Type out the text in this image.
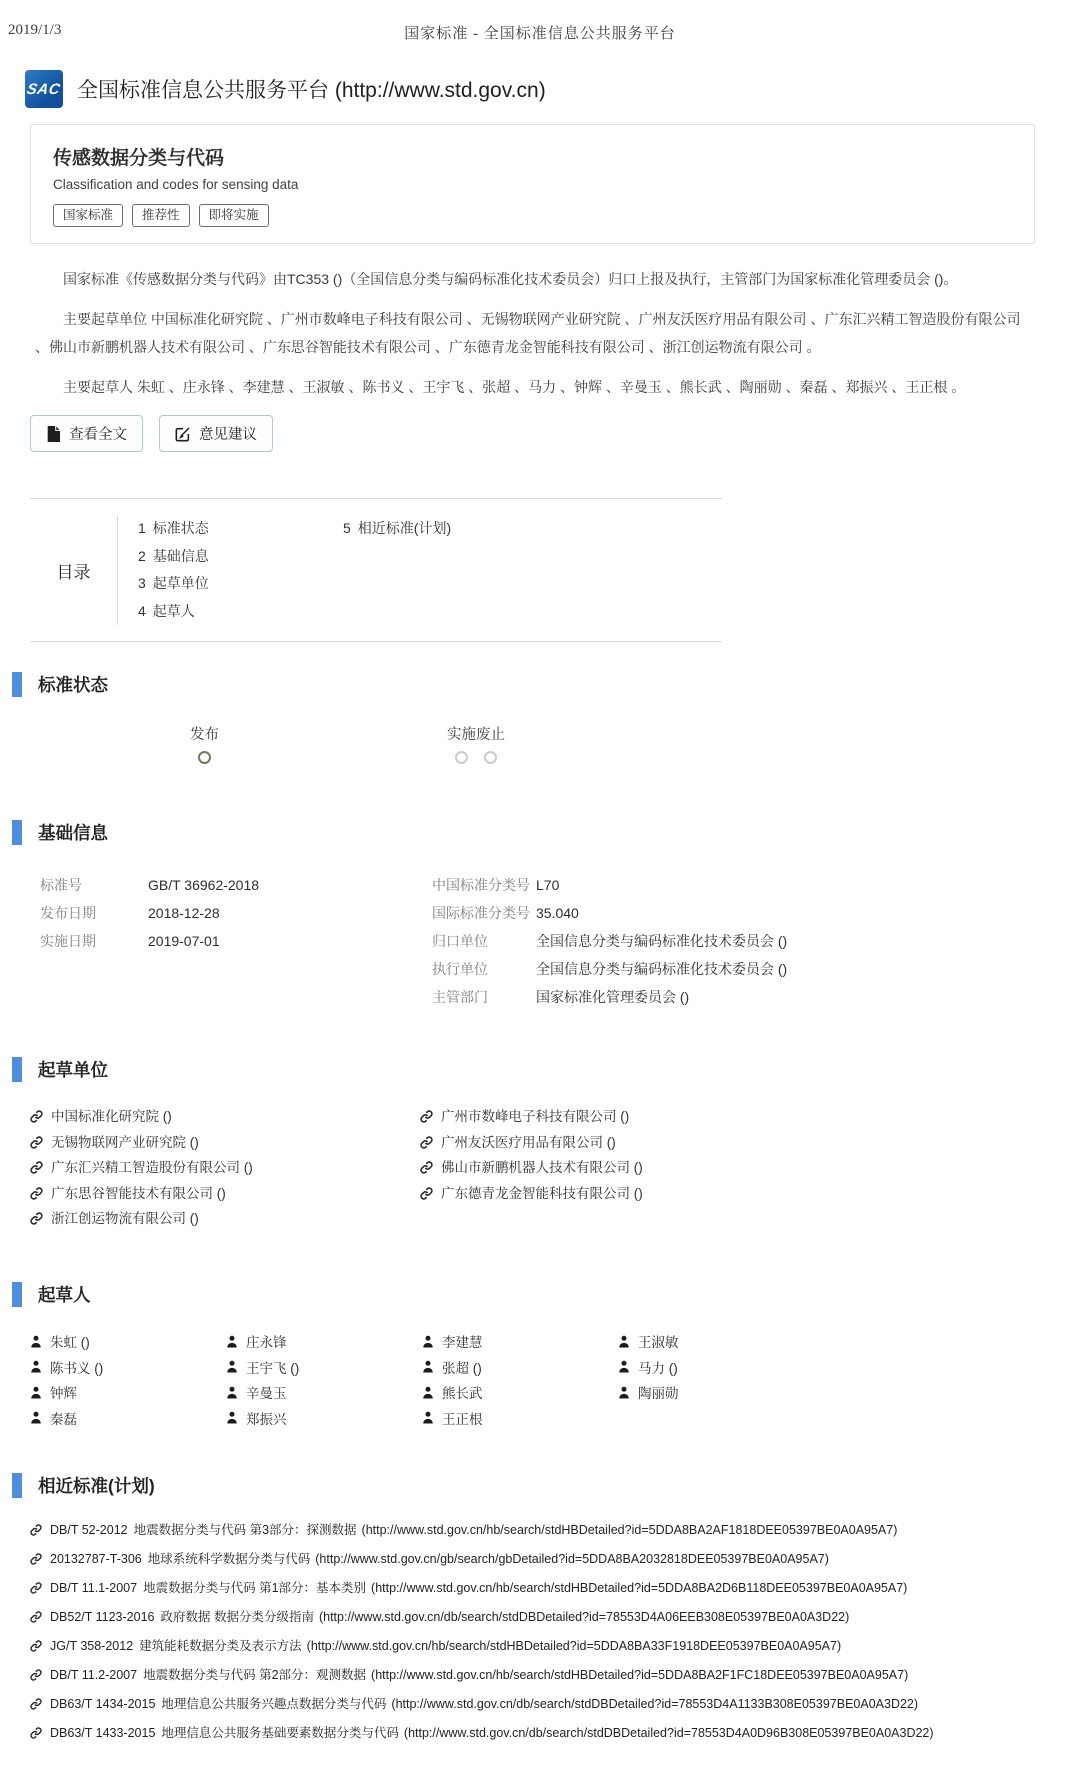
2019/1/3	国家标准 - 全国标准信息公共服务平台
SAC 全国标准信息公共服务平台 (http://www.std.gov.cn)
传感数据分类与代码
Classification and codes for sensing data
国家标准	推荐性	即将实施

国家标准《传感数据分类与代码》由TC353 ()（全国信息分类与编码标准化技术委员会）归口上报及执行，主管部门为国家标准化管理委员会 ()。

主要起草单位 中国标准化研究院 、广州市数峰电子科技有限公司 、无锡物联网产业研究院 、广州友沃医疗用品有限公司 、广东汇兴精工智造股份有限公司 、佛山市新鹏机器人技术有限公司 、广东思谷智能技术有限公司 、广东德青龙金智能科技有限公司 、浙江创运物流有限公司 。

主要起草人 朱虹 、庄永锋 、李建慧 、王淑敏 、陈书义 、王宇飞 、张超 、马力 、钟辉 、辛曼玉 、熊长武 、陶丽勋 、秦磊 、郑振兴 、王正根 。

查看全文	意见建议
目录
1 标准状态
2 基础信息
3 起草单位
4 起草人
5 相近标准(计划)
标准状态
发布	实施 废止
基础信息
标准号	GB/T 36962-2018
发布日期	2018-12-28
实施日期	2019-07-01
中国标准分类号 L70
国际标准分类号 35.040
归口单位	全国信息分类与编码标准化技术委员会 ()
执行单位	全国信息分类与编码标准化技术委员会 ()
主管部门	国家标准化管理委员会 ()
起草单位
中国标准化研究院 ()
无锡物联网产业研究院 ()
广东汇兴精工智造股份有限公司 ()
广东思谷智能技术有限公司 ()
浙江创运物流有限公司 ()
广州市数峰电子科技有限公司 ()
广州友沃医疗用品有限公司 ()
佛山市新鹏机器人技术有限公司 ()
广东德青龙金智能科技有限公司 ()
起草人
朱虹 ()	庄永锋	李建慧	王淑敏
陈书义 ()	王宇飞 ()	张超 ()	马力 ()
钟辉	辛曼玉	熊长武	陶丽勋
秦磊	郑振兴	王正根
相近标准(计划)
DB/T 52-2012 地震数据分类与代码 第3部分：探测数据 (http://www.std.gov.cn/hb/search/stdHBDetailed?id=5DDA8BA2AF1818DEE05397BE0A0A95A7)
20132787-T-306 地球系统科学数据分类与代码 (http://www.std.gov.cn/gb/search/gbDetailed?id=5DDA8BA2032818DEE05397BE0A0A95A7)
DB/T 11.1-2007 地震数据分类与代码 第1部分：基本类别 (http://www.std.gov.cn/hb/search/stdHBDetailed?id=5DDA8BA2D6B118DEE05397BE0A0A95A7)
DB52/T 1123-2016 政府数据 数据分类分级指南 (http://www.std.gov.cn/db/search/stdDBDetailed?id=78553D4A06EEB308E05397BE0A0A3D22)
JG/T 358-2012 建筑能耗数据分类及表示方法 (http://www.std.gov.cn/hb/search/stdHBDetailed?id=5DDA8BA33F1918DEE05397BE0A0A95A7)
DB/T 11.2-2007 地震数据分类与代码 第2部分：观测数据 (http://www.std.gov.cn/hb/search/stdHBDetailed?id=5DDA8BA2F1FC18DEE05397BE0A0A95A7)
DB63/T 1434-2015 地理信息公共服务兴趣点数据分类与代码 (http://www.std.gov.cn/db/search/stdDBDetailed?id=78553D4A1133B308E05397BE0A0A3D22)
DB63/T 1433-2015 地理信息公共服务基础要素数据分类与代码 (http://www.std.gov.cn/db/search/stdDBDetailed?id=78553D4A0D96B308E05397BE0A0A3D22)
